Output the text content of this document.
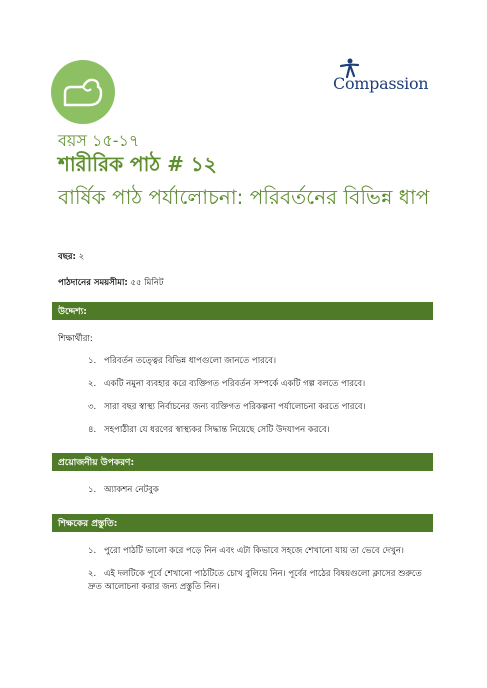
Compassion
বয়স ১৫-১৭
শারীরিক পাঠ # ১২
বার্ষিক পাঠ পর্যালোচনা: পরিবর্তনের বিভিন্ন ধাপ
বছর: ২
পাঠদানের সময়সীমা: ৫৫ মিনিট
উদ্দেশ্য:
শিক্ষার্থীরা:
১. পরিবর্তন তত্ত্বের বিভিন্ন ধাপগুলো জানতে পারবে।
২. একটি নমুনা ব্যবহার করে ব্যক্তিগত পরিবর্তন সম্পর্কে একটি গল্প বলতে পারবে।
৩. সারা বছর স্বাস্থ্য নির্বাচনের জন্য ব্যক্তিগত পরিকল্পনা পর্যালোচনা করতে পারবে।
৪. সহপাঠীরা যে ধরণের স্বাস্থ্যকর সিদ্ধান্ত নিয়েছে সেটি উদযাপন করবে।
প্রয়োজনীয় উপকরণ:
১. অ্যাকশন নেটবুক
শিক্ষকের প্রস্তুতি:
১. পুরো পাঠটি ভালো করে পড়ে নিন এবং এটা কিভাবে সহজে শেখানো যায় তা ভেবে দেখুন।
২. এই দলটিকে পূর্বে শেখানো পাঠটিতে চোখ বুলিয়ে নিন। পূর্বের পাঠের বিষয়গুলো ক্লাসের শুরুতে দ্রুত আলোচনা করার জন্য প্রস্তুতি নিন।
